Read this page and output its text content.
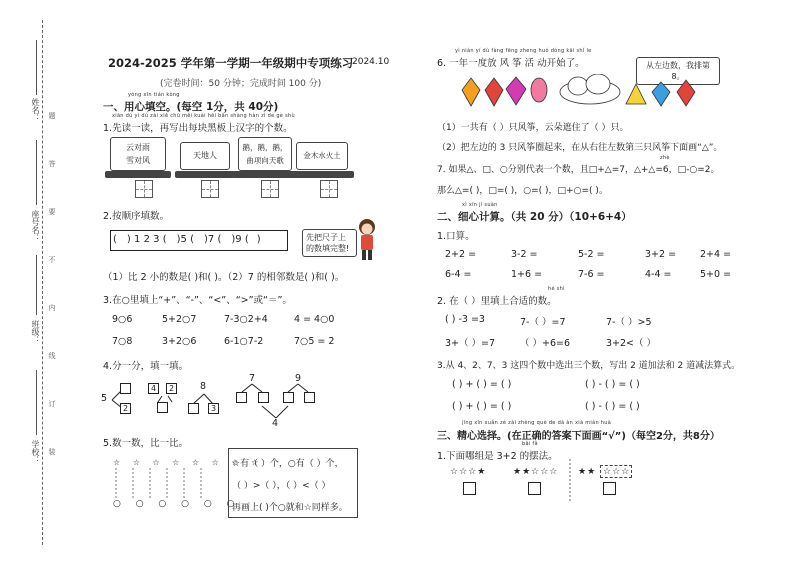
姓名：
座号名：
班级：
学校：
题
答
要
不
内
线
订
装
2024-2025 学年第一学期一年级期中专项练习
2024.10
(完卷时间：50 分钟；完成时间 100 分)
yòng xīn tián kòng
一、用心填空。(每空 1分，共 40分)
xiān dú yì dú zài xiě chū měi kuài hēi bǎn shàng hàn zì de gè shù
1.先读一读，再写出每块黑板上汉字的个数。
云对雨
雪对风
天地人
鹅，鹅，鹅，
曲项向天歌
金木水火土
2.按顺序填数。
( ) 1 2 3 ( )5 ( )7 ( )9 ( )	先把尺子上
的数填完整!
（1）比 2 小的数是( )和( )。（2）7 的相邻数是( )和( )。
3.在○里填上“+”、“-”、“<”、“>”或“＝”。
9○6	5+2○7	7-3○2+4	4 = 4○0
7○8	3+2○6	6-1○7-2	7○5 = 2
4.分一分，填一填。
5
2
4	2	8
3
7	9
4
5.数一数，比一比。
☆ ☆ ☆ ☆ ☆ ☆ ☆ ☆
○ ○ ○ ○ ○ ○
☆有（ ）个，○有（ ）个，
（ ）>（ ），（ ）<（ ）
再画上( )个○就和☆同样多。
yì nián yí dù fàng fēng zheng huó dòng kāi shǐ le
6. 一年一度放 风 筝 活 动开始了。	从左边数，我排第 8。
（1）一共有（ ）只风筝，云朵遮住了（ ）只。
（2）把左边的 3 只风筝圈起来，在从右往左数第三只风筝下面画“△”。
zhè
7. 如果△、□、○分别代表一个数，且□+△=7，△+△=6，□-○=2。
那么△=( )，□=( )，○=( )，□+○=( )。
xì xīn jì suàn
二、细心计算。（共 20 分）（10+6+4）
1.口算。
2+2 =	3-2 =	5-2 =	3+2 =	2+4 =
6-4 =	1+6 =	7-6 =	4-4 =	5+0 =
hé shì
2. 在（ ）里填上合适的数。
( ) -3 =3	7-（ ）=7	7-（ ）>5
3+（ ）=7	（ ）+6=6	3+2<（ ）
3.从 4、2、7、3 这四个数中选出三个数，写出 2 道加法和 2 道减法算式。
( ) + ( ) = ( )	( ) - ( ) = ( )
( ) + ( ) = ( )	( ) - ( ) = ( )
jīng xīn xuǎn zé zài zhèng què de dá àn xià miàn huà
三、精心选择。(在正确的答案下面画“√”)（每空2分，共8分）
bǎi fǎ
1.下面哪组是 3+2 的摆法。
☆☆☆★	★★☆☆☆ ★★ ☆☆☆
